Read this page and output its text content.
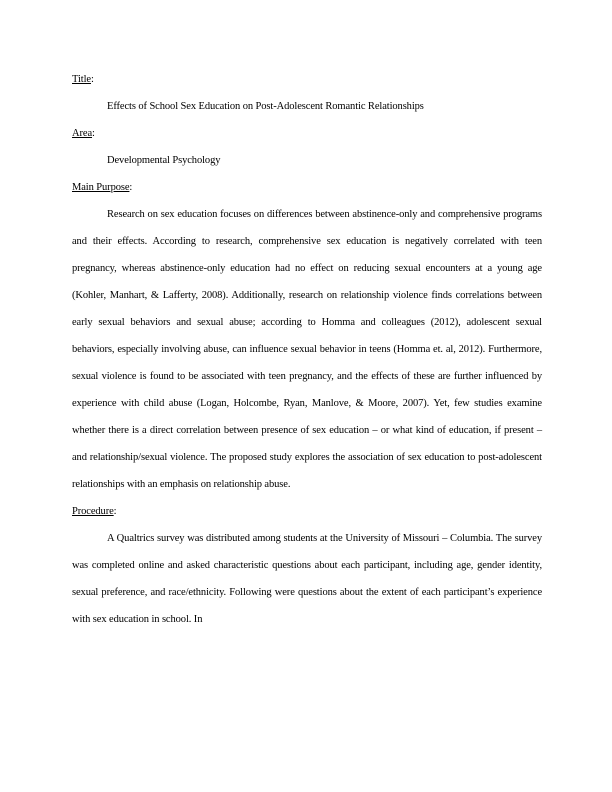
Title:
Effects of School Sex Education on Post-Adolescent Romantic Relationships
Area:
Developmental Psychology
Main Purpose:

Research on sex education focuses on differences between abstinence-only and comprehensive programs and their effects. According to research, comprehensive sex education is negatively correlated with teen pregnancy, whereas abstinence-only education had no effect on reducing sexual encounters at a young age (Kohler, Manhart, & Lafferty, 2008). Additionally, research on relationship violence finds correlations between early sexual behaviors and sexual abuse; according to Homma and colleagues (2012), adolescent sexual behaviors, especially involving abuse, can influence sexual behavior in teens (Homma et. al, 2012). Furthermore, sexual violence is found to be associated with teen pregnancy, and the effects of these are further influenced by experience with child abuse (Logan, Holcombe, Ryan, Manlove, & Moore, 2007). Yet, few studies examine whether there is a direct correlation between presence of sex education – or what kind of education, if present – and relationship/sexual violence. The proposed study explores the association of sex education to post-adolescent relationships with an emphasis on relationship abuse.

Procedure:

A Qualtrics survey was distributed among students at the University of Missouri – Columbia. The survey was completed online and asked characteristic questions about each participant, including age, gender identity, sexual preference, and race/ethnicity. Following were questions about the extent of each participant’s experience with sex education in school. In
